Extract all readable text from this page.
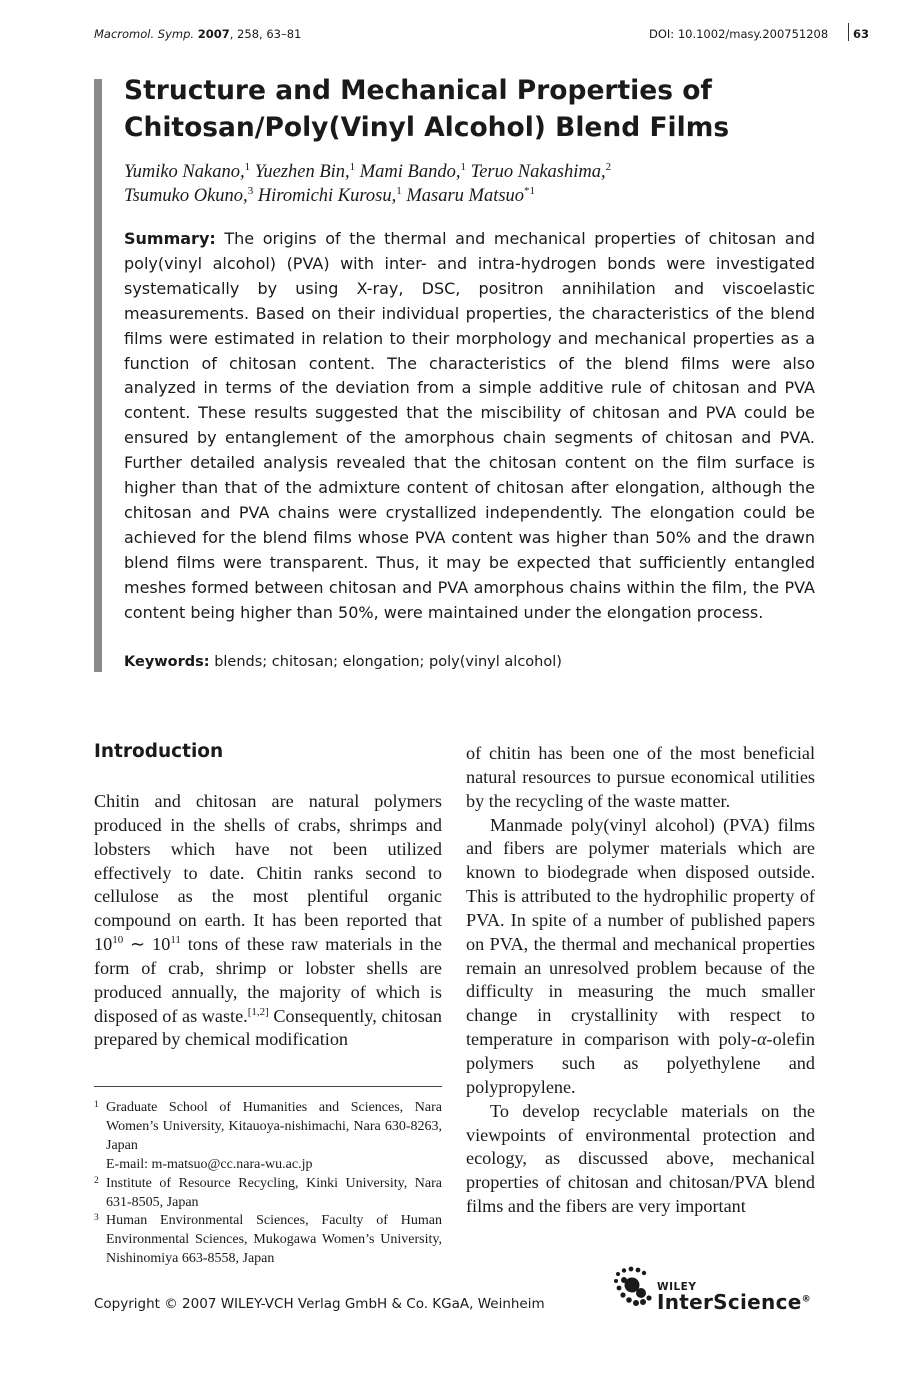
Macromol. Symp. 2007, 258, 63–81	DOI: 10.1002/masy.200751208 63
Structure and Mechanical Properties of
Chitosan/Poly(Vinyl Alcohol) Blend Films
Yumiko Nakano,$^1$ Yuezhen Bin,$^1$ Mami Bando,$^1$ Teruo Nakashima,$^2$
Tsumuko Okuno,$^3$ Hiromichi Kurosu,$^1$ Masaru Matsuo$^{*1}$
Summary: The origins of the thermal and mechanical properties of chitosan and poly(vinyl alcohol) (PVA) with inter- and intra-hydrogen bonds were investigated systematically by using X-ray, DSC, positron annihilation and viscoelastic measurements. Based on their individual properties, the characteristics of the blend films were estimated in relation to their morphology and mechanical properties as a function of chitosan content. The characteristics of the blend films were also analyzed in terms of the deviation from a simple additive rule of chitosan and PVA content. These results suggested that the miscibility of chitosan and PVA could be ensured by entanglement of the amorphous chain segments of chitosan and PVA. Further detailed analysis revealed that the chitosan content on the film surface is higher than that of the admixture content of chitosan after elongation, although the chitosan and PVA chains were crystallized independently. The elongation could be achieved for the blend films whose PVA content was higher than 50% and the drawn blend films were transparent. Thus, it may be expected that sufficiently entangled meshes formed between chitosan and PVA amorphous chains within the film, the PVA content being higher than 50%, were maintained under the elongation process.
Keywords: blends; chitosan; elongation; poly(vinyl alcohol)
Introduction

Chitin and chitosan are natural polymers produced in the shells of crabs, shrimps and lobsters which have not been utilized effectively to date. Chitin ranks second to cellulose as the most plentiful organic compound on earth. It has been reported that 10$^{10}$ ∼ 10$^{11}$ tons of these raw materials in the form of crab, shrimp or lobster shells are produced annually, the majority of which is disposed of as waste.[1,2] Consequently, chitosan prepared by chemical modification

of chitin has been one of the most beneficial natural resources to pursue economical utilities by the recycling of the waste matter.

Manmade poly(vinyl alcohol) (PVA) films and fibers are polymer materials which are known to biodegrade when disposed outside. This is attributed to the hydrophilic property of PVA. In spite of a number of published papers on PVA, the thermal and mechanical properties remain an unresolved problem because of the difficulty in measuring the much smaller change in crystallinity with respect to temperature in comparison with poly-α-olefin polymers such as polyethylene and polypropylene.

To develop recyclable materials on the viewpoints of environmental protection and ecology, as discussed above, mechanical properties of chitosan and chitosan/PVA blend films and the fibers are very important

1 Graduate School of Humanities and Sciences, Nara Women’s University, Kitauoya-nishimachi, Nara 630-8263, Japan
E-mail: m-matsuo@cc.nara-wu.ac.jp
2 Institute of Resource Recycling, Kinki University, Nara 631-8505, Japan
3 Human Environmental Sciences, Faculty of Human Environmental Sciences, Mukogawa Women’s University, Nishinomiya 663-8558, Japan
Copyright © 2007 WILEY-VCH Verlag GmbH & Co. KGaA, Weinheim
WILEY
InterScience®
